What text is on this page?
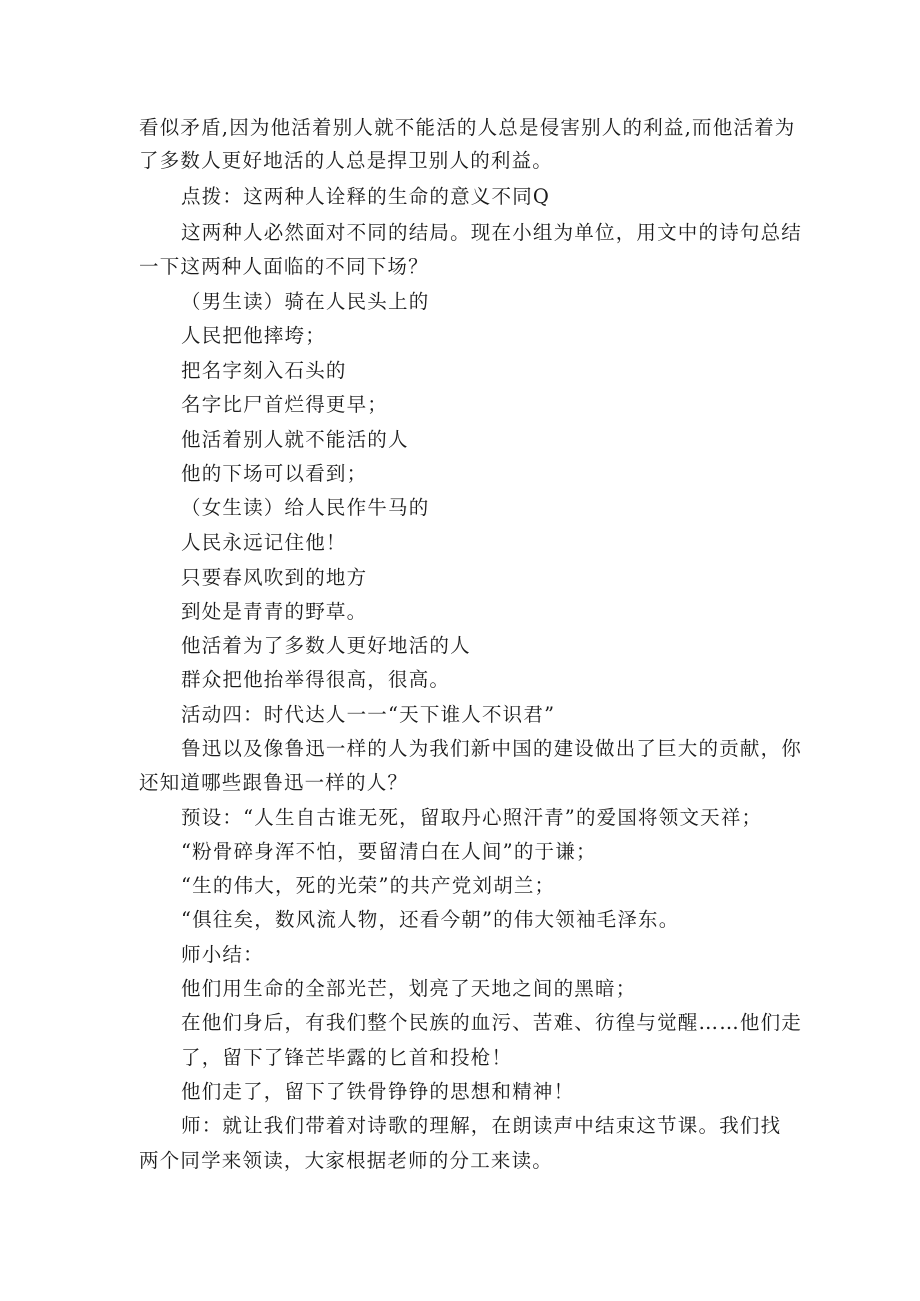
看似矛盾,因为他活着别人就不能活的人总是侵害别人的利益,而他活着为
了多数人更好地活的人总是捍卫别人的利益。
点拨：这两种人诠释的生命的意义不同Q
这两种人必然面对不同的结局。现在小组为单位，用文中的诗句总结
一下这两种人面临的不同下场？
（男生读）骑在人民头上的
人民把他摔垮；
把名字刻入石头的
名字比尸首烂得更早；
他活着别人就不能活的人
他的下场可以看到；
（女生读）给人民作牛马的
人民永远记住他！
只要春风吹到的地方
到处是青青的野草。
他活着为了多数人更好地活的人
群众把他抬举得很高，很高。
活动四：时代达人一一“天下谁人不识君”
鲁迅以及像鲁迅一样的人为我们新中国的建设做出了巨大的贡献，你
还知道哪些跟鲁迅一样的人？
预设：“人生自古谁无死，留取丹心照汗青”的爱国将领文天祥；
“粉骨碎身浑不怕，要留清白在人间”的于谦；
“生的伟大，死的光荣”的共产党刘胡兰；
“俱往矣，数风流人物，还看今朝”的伟大领袖毛泽东。
师小结：
他们用生命的全部光芒，划亮了天地之间的黑暗；
在他们身后，有我们整个民族的血污、苦难、彷徨与觉醒……他们走
了，留下了锋芒毕露的匕首和投枪！
他们走了，留下了铁骨铮铮的思想和精神！
师：就让我们带着对诗歌的理解，在朗读声中结束这节课。我们找
两个同学来领读，大家根据老师的分工来读。
